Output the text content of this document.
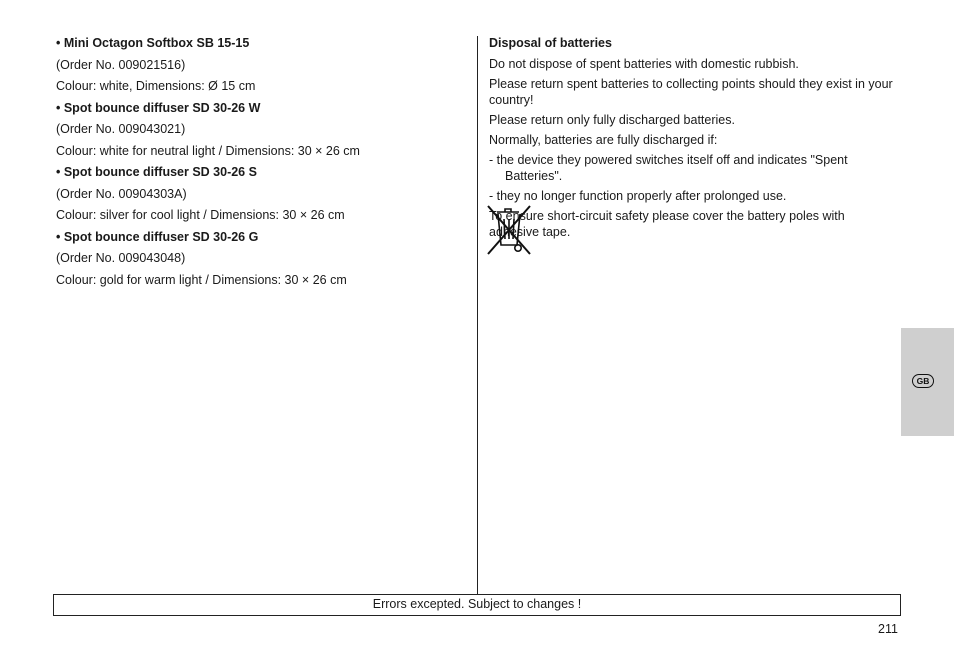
• Mini Octagon Softbox SB 15-15

(Order No. 009021516)

Colour: white, Dimensions: Ø 15 cm

• Spot bounce diffuser SD 30-26 W

(Order No. 009043021)

Colour: white for neutral light / Dimensions: 30 × 26 cm

• Spot bounce diffuser SD 30-26 S

(Order No. 00904303A)

Colour: silver for cool light / Dimensions: 30 × 26 cm

• Spot bounce diffuser SD 30-26 G

(Order No. 009043048)

Colour: gold for warm light / Dimensions: 30 × 26 cm

Disposal of batteries

Do not dispose of spent batteries with domestic rubbish.

Please return spent batteries to collecting points should they exist in your country!

Please return only fully discharged batteries.

Normally, batteries are fully discharged if:

- the device they powered switches itself off and indicates "Spent
Batteries".

- they no longer function properly after prolonged use.

To ensure short-circuit safety please cover the battery poles with adhesive tape.

GB
Errors excepted. Subject to changes !
211
